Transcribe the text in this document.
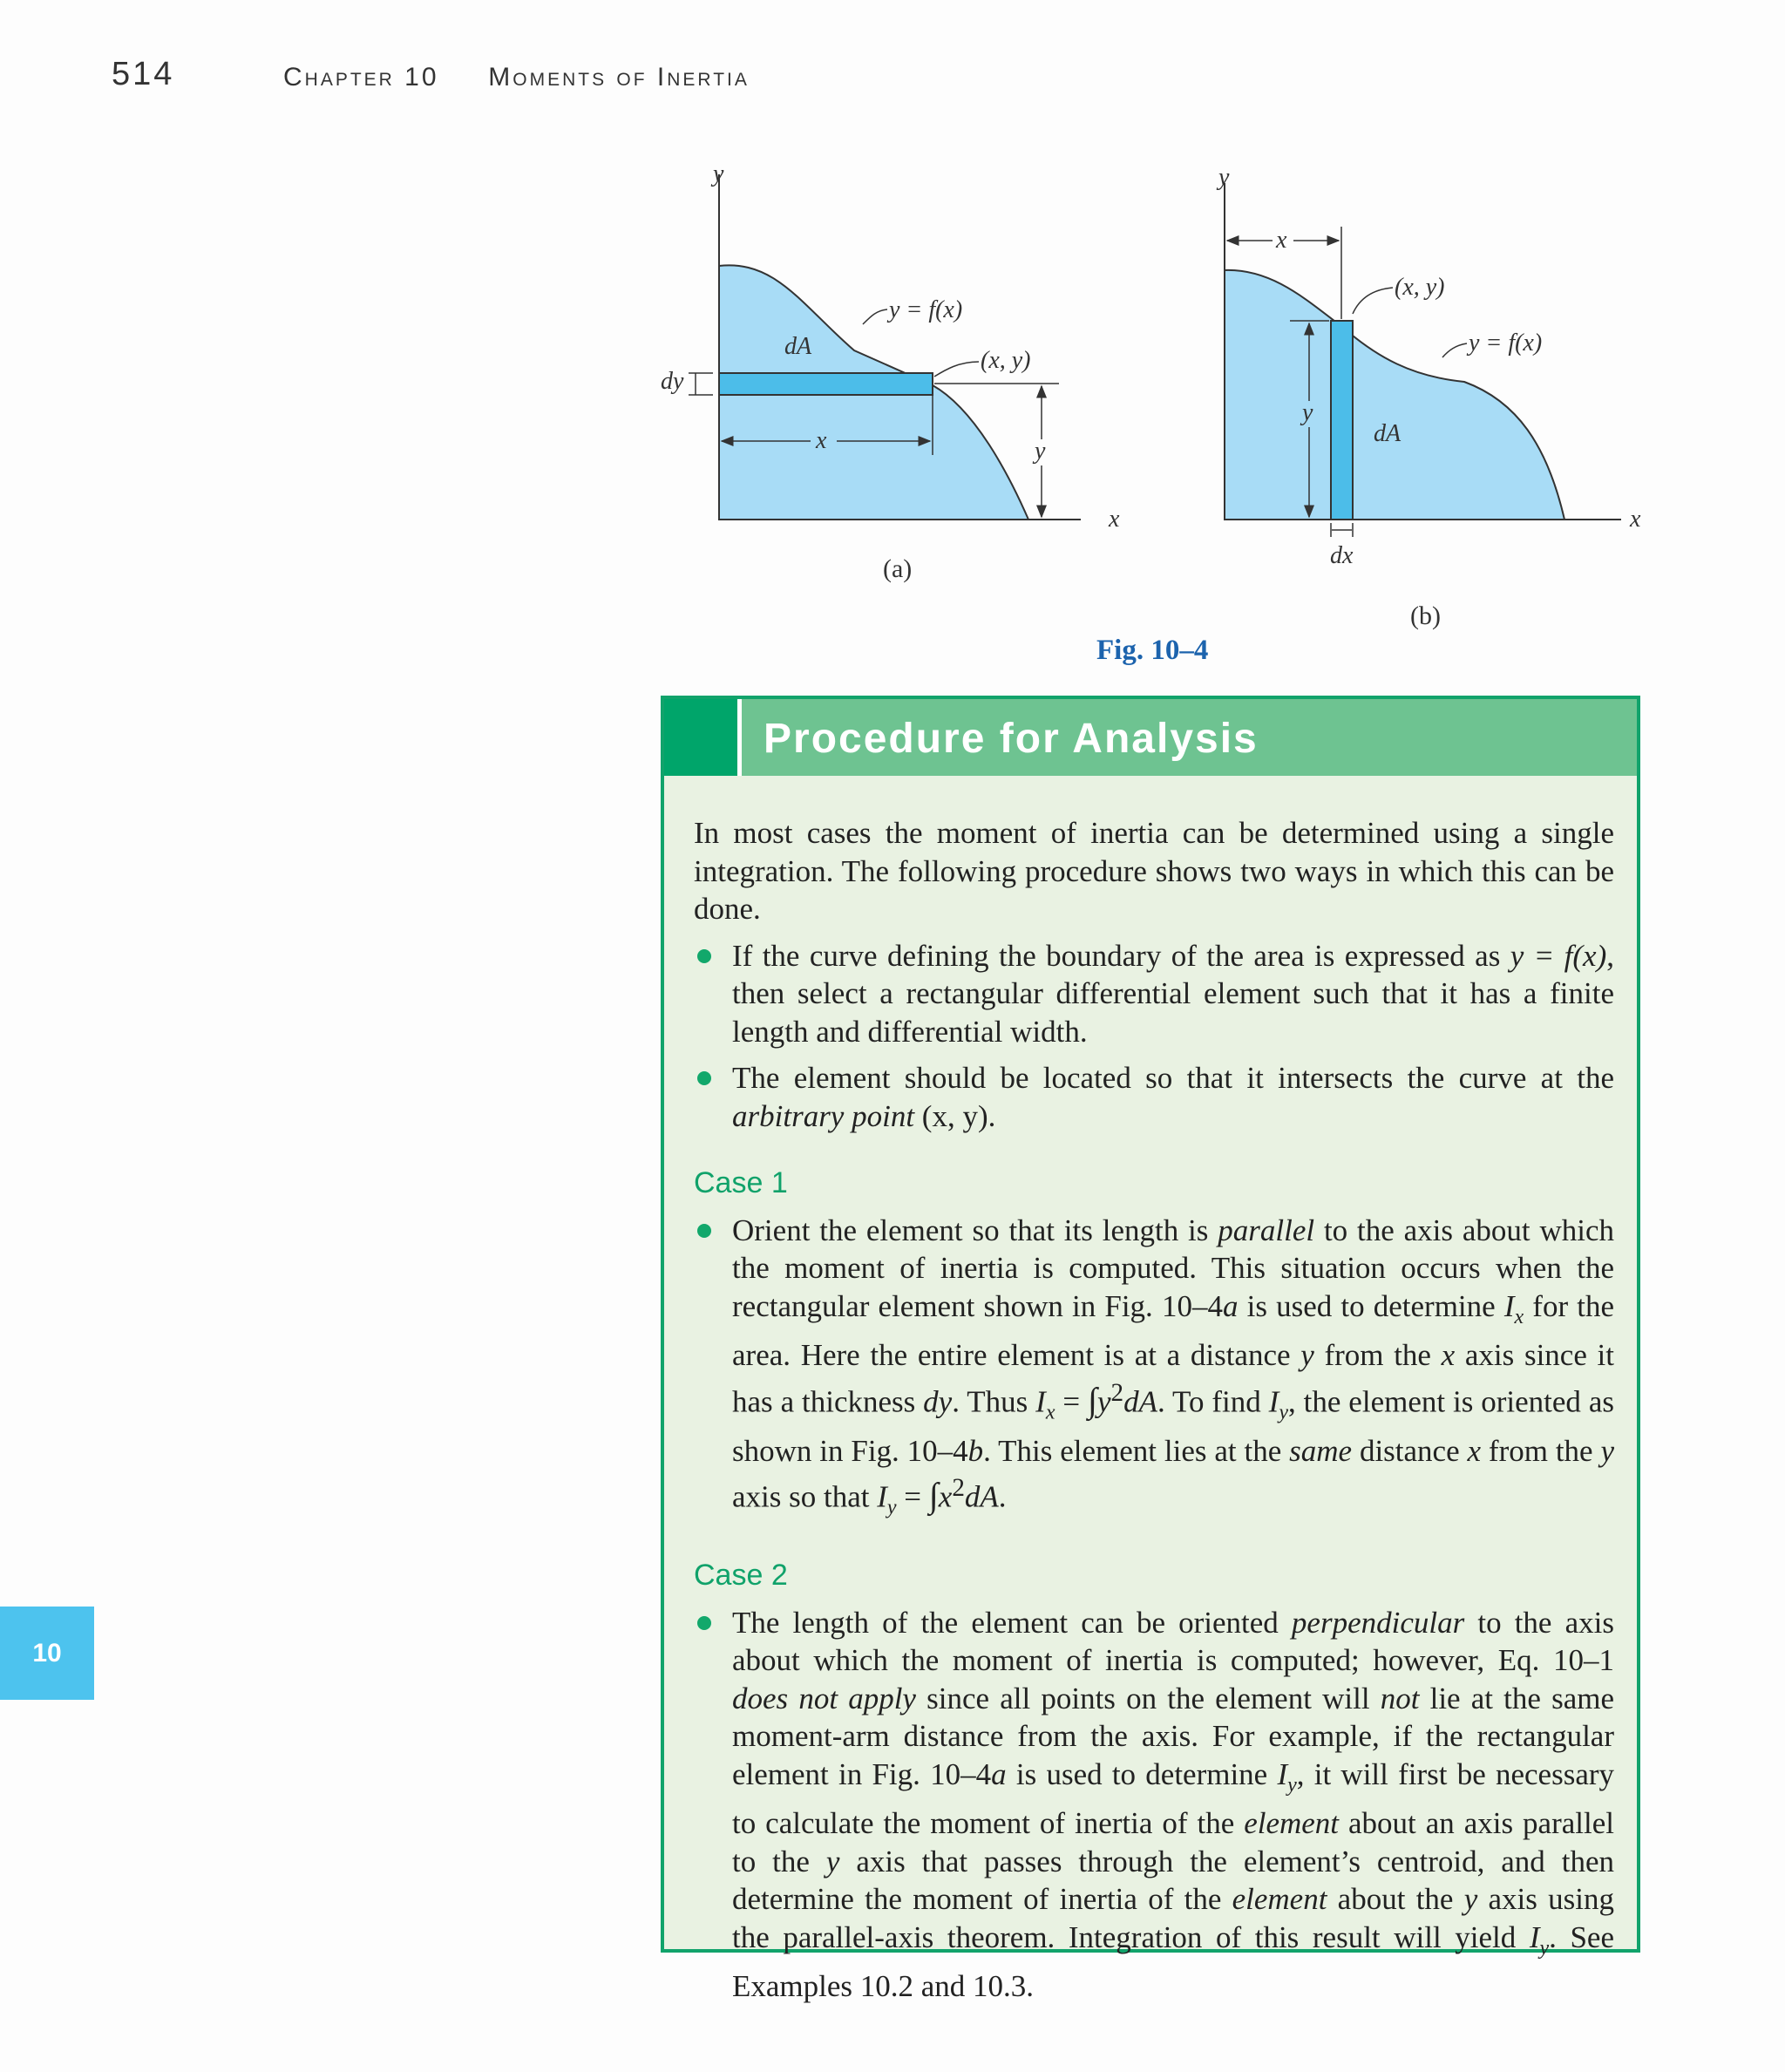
514	Chapter 10 Moments of Inertia
10
y
x
y = f(x)
(x, y)
dA
dy
x	y
(a)
y
x
x
(x, y)
y = f(x)
y
dA
dx
(b)
Fig. 10–4
Procedure for Analysis

In most cases the moment of inertia can be determined using a single integration. The following procedure shows two ways in which this can be done.

If the curve defining the boundary of the area is expressed as y = f(x), then select a rectangular differential element such that it has a finite length and differential width.
The element should be located so that it intersects the curve at the arbitrary point (x, y).
Case 1
Orient the element so that its length is parallel to the axis about which the moment of inertia is computed. This situation occurs when the rectangular element shown in Fig. 10–4a is used to determine $I_x$ for the area. Here the entire element is at a distance y from the x axis since it has a thickness dy. Thus $I_x = \int y^2dA$. To find $I_y$, the element is oriented as shown in Fig. 10–4b. This element lies at the same distance x from the y axis so that $I_y = \int x^2dA$.
Case 2
The length of the element can be oriented perpendicular to the axis about which the moment of inertia is computed; however, Eq. 10–1 does not apply since all points on the element will not lie at the same moment-arm distance from the axis. For example, if the rectangular element in Fig. 10–4a is used to determine $I_y$, it will first be necessary to calculate the moment of inertia of the element about an axis parallel to the y axis that passes through the element’s centroid, and then determine the moment of inertia of the element about the y axis using the parallel-axis theorem. Integration of this result will yield $I_y$. See Examples 10.2 and 10.3.
